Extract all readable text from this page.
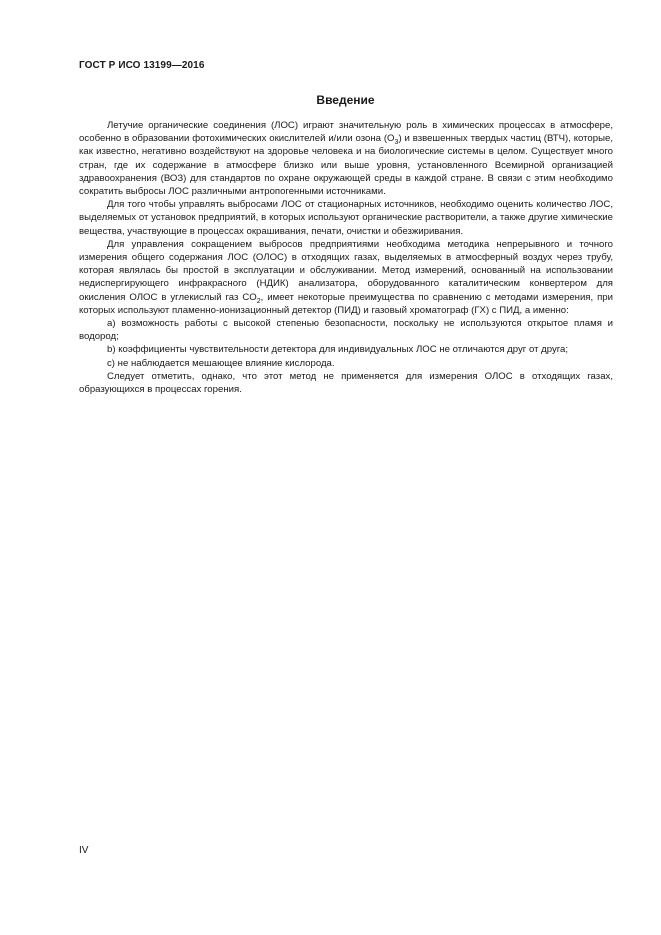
ГОСТ Р ИСО 13199—2016
Введение

Летучие органические соединения (ЛОС) играют значительную роль в химических процессах в атмосфере, особенно в образовании фотохимических окислителей и/или озона $(O_3)$ и взвешенных твердых частиц (ВТЧ), которые, как известно, негативно воздействуют на здоровье человека и на биологические системы в целом. Существует много стран, где их содержание в атмосфере близко или выше уровня, установленного Всемирной организацией здравоохранения (ВОЗ) для стандартов по охране окружающей среды в каждой стране. В связи с этим необходимо сократить выбросы ЛОС различными антропогенными источниками.

Для того чтобы управлять выбросами ЛОС от стационарных источников, необходимо оценить количество ЛОС, выделяемых от установок предприятий, в которых используют органические растворители, а также другие химические вещества, участвующие в процессах окрашивания, печати, очистки и обезжиривания.

Для управления сокращением выбросов предприятиями необходима методика непрерывного и точного измерения общего содержания ЛОС (ОЛОС) в отходящих газах, выделяемых в атмосферный воздух через трубу, которая являлась бы простой в эксплуатации и обслуживании. Метод измерений, основанный на использовании недиспергирующего инфракрасного (НДИК) анализатора, оборудованного каталитическим конвертером для окисления ОЛОС в углекислый газ $CO_2$, имеет некоторые преимущества по сравнению с методами измерения, при которых используют пламенно-ионизационный детектор (ПИД) и газовый хроматограф (ГХ) с ПИД, а именно:

a) возможность работы с высокой степенью безопасности, поскольку не используются открытое пламя и водород;

b) коэффициенты чувствительности детектора для индивидуальных ЛОС не отличаются друг от друга;

c) не наблюдается мешающее влияние кислорода.

Следует отметить, однако, что этот метод не применяется для измерения ОЛОС в отходящих газах, образующихся в процессах горения.

IV
